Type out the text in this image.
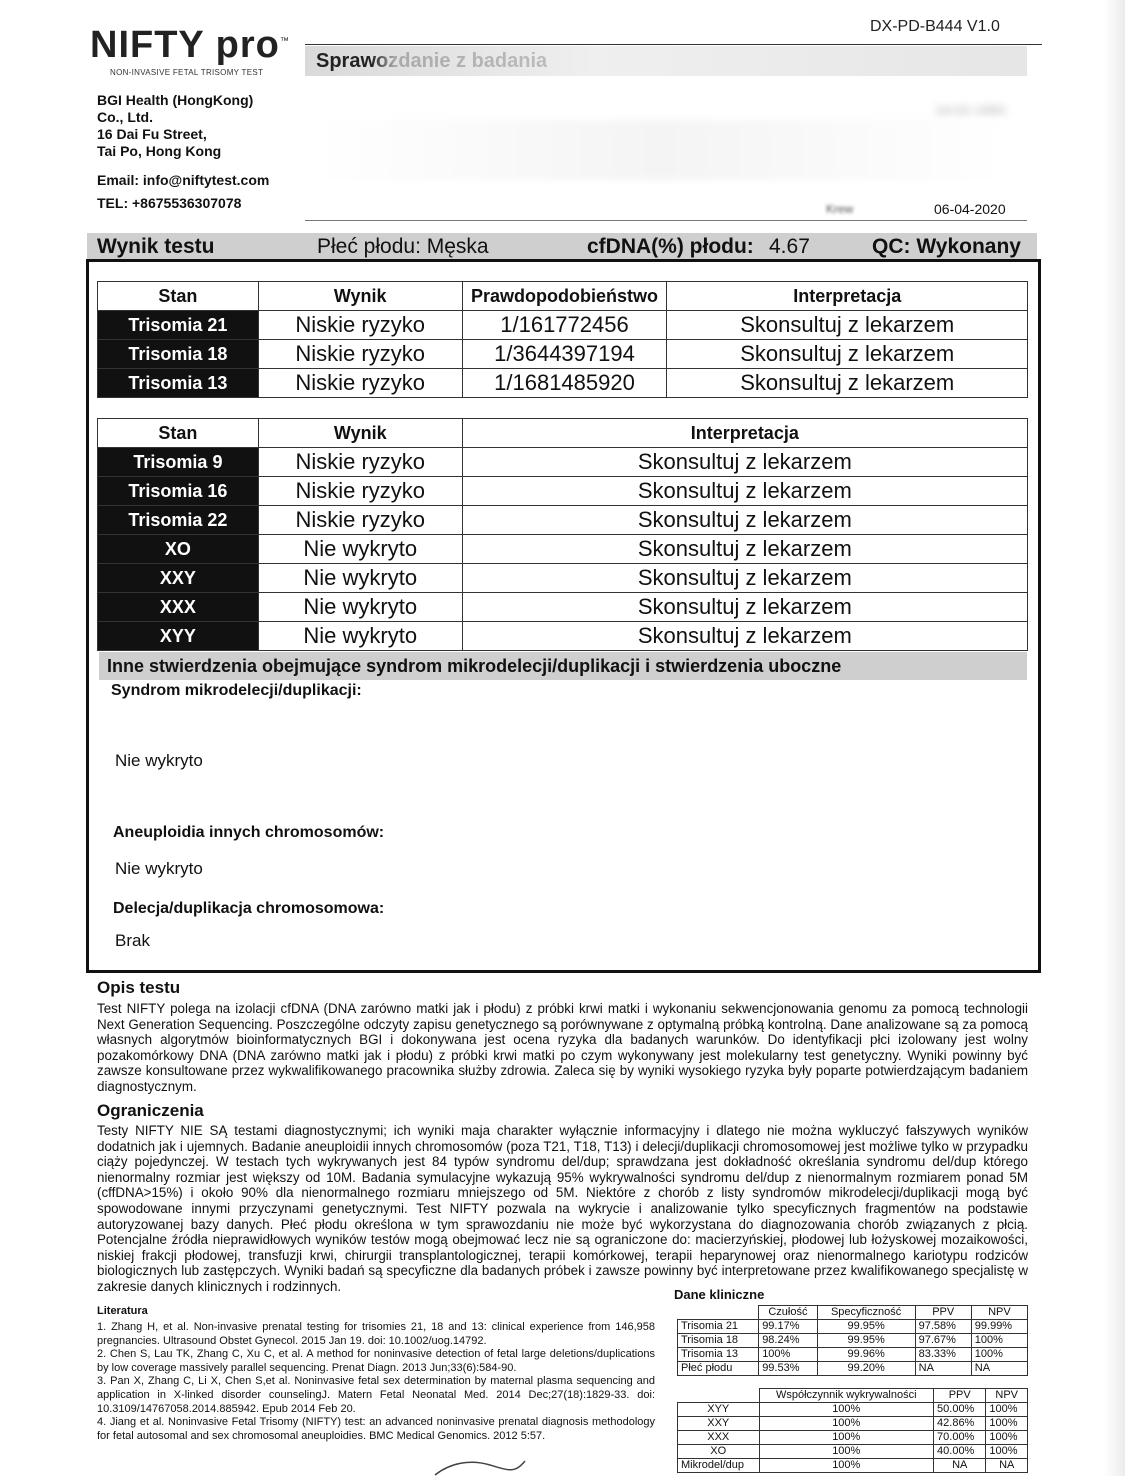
NIFTY pro™
NON-INVASIVE FETAL TRISOMY TEST
DX-PD-B444 V1.0
Sprawozdanie z badania
BGI Health (HongKong)
Co., Ltd.
16 Dai Fu Street,
Tai Po, Hong Kong
Email: info@niftytest.com
TEL: +8675536307078
14-01-1991
Krew	06-04-2020
Wynik testu	Płeć płodu: Męska	cfDNA(%) płodu: 4.67	QC: Wykonany
Stan	Wynik	Prawdopodobieństwo	Interpretacja
Trisomia 21	Niskie ryzyko	1/161772456	Skonsultuj z lekarzem
Trisomia 18	Niskie ryzyko	1/3644397194	Skonsultuj z lekarzem
Trisomia 13	Niskie ryzyko	1/1681485920	Skonsultuj z lekarzem
Stan	Wynik	Interpretacja
Trisomia 9	Niskie ryzyko	Skonsultuj z lekarzem
Trisomia 16	Niskie ryzyko	Skonsultuj z lekarzem
Trisomia 22	Niskie ryzyko	Skonsultuj z lekarzem
XO	Nie wykryto	Skonsultuj z lekarzem
XXY	Nie wykryto	Skonsultuj z lekarzem
XXX	Nie wykryto	Skonsultuj z lekarzem
XYY	Nie wykryto	Skonsultuj z lekarzem
Inne stwierdzenia obejmujące syndrom mikrodelecji/duplikacji i stwierdzenia uboczne
Syndrom mikrodelecji/duplikacji:
Nie wykryto
Aneuploidia innych chromosomów:
Nie wykryto
Delecja/duplikacja chromosomowa:
Brak
Opis testu
Test NIFTY polega na izolacji cfDNA (DNA zarówno matki jak i płodu) z próbki krwi matki i wykonaniu sekwencjonowania genomu za pomocą technologii Next Generation Sequencing. Poszczególne odczyty zapisu genetycznego są porównywane z optymalną próbką kontrolną. Dane analizowane są za pomocą własnych algorytmów bioinformatycznych BGI i dokonywana jest ocena ryzyka dla badanych warunków. Do identyfikacji płci izolowany jest wolny pozakomórkowy DNA (DNA zarówno matki jak i płodu) z próbki krwi matki po czym wykonywany jest molekularny test genetyczny. Wyniki powinny być zawsze konsultowane przez wykwalifikowanego pracownika służby zdrowia. Zaleca się by wyniki wysokiego ryzyka były poparte potwierdzającym badaniem diagnostycznym.
Ograniczenia
Testy NIFTY NIE SĄ testami diagnostycznymi; ich wyniki maja charakter wyłącznie informacyjny i dlatego nie można wykluczyć fałszywych wyników dodatnich jak i ujemnych. Badanie aneuploidii innych chromosomów (poza T21, T18, T13) i delecji/duplikacji chromosomowej jest możliwe tylko w przypadku ciąży pojedynczej. W testach tych wykrywanych jest 84 typów syndromu del/dup; sprawdzana jest dokładność określania syndromu del/dup którego nienormalny rozmiar jest większy od 10M. Badania symulacyjne wykazują 95% wykrywalności syndromu del/dup z nienormalnym rozmiarem ponad 5M (cffDNA>15%) i około 90% dla nienormalnego rozmiaru mniejszego od 5M. Niektóre z chorób z listy syndromów mikrodelecji/duplikacji mogą być spowodowane innymi przyczynami genetycznymi. Test NIFTY pozwala na wykrycie i analizowanie tylko specyficznych fragmentów na podstawie autoryzowanej bazy danych. Płeć płodu określona w tym sprawozdaniu nie może być wykorzystana do diagnozowania chorób związanych z płcią. Potencjalne źródła nieprawidłowych wyników testów mogą obejmować lecz nie są ograniczone do: macierzyńskiej, płodowej lub łożyskowej mozaikowości, niskiej frakcji płodowej, transfuzji krwi, chirurgii transplantologicznej, terapii komórkowej, terapii heparynowej oraz nienormalnego kariotypu rodziców biologicznych lub zastępczych. Wyniki badań są specyficzne dla badanych próbek i zawsze powinny być interpretowane przez kwalifikowanego specjalistę w zakresie danych klinicznych i rodzinnych.
Literatura
1. Zhang H, et al. Non-invasive prenatal testing for trisomies 21, 18 and 13: clinical experience from 146,958 pregnancies. Ultrasound Obstet Gynecol. 2015 Jan 19. doi: 10.1002/uog.14792.
2. Chen S, Lau TK, Zhang C, Xu C, et al. A method for noninvasive detection of fetal large deletions/duplications by low coverage massively parallel sequencing. Prenat Diagn. 2013 Jun;33(6):584-90.
3. Pan X, Zhang C, Li X, Chen S,et al. Noninvasive fetal sex determination by maternal plasma sequencing and application in X-linked disorder counselingJ. Matern Fetal Neonatal Med. 2014 Dec;27(18):1829-33. doi: 10.3109/14767058.2014.885942. Epub 2014 Feb 20.
4. Jiang et al. Noninvasive Fetal Trisomy (NIFTY) test: an advanced noninvasive prenatal diagnosis methodology for fetal autosomal and sex chromosomal aneuploidies. BMC Medical Genomics. 2012 5:57.
Dane kliniczne
	Czułość	Specyficzność	PPV	NPV
Trisomia 21	99.17%	99.95%	97.58%	99.99%
Trisomia 18	98.24%	99.95%	97.67%	100%
Trisomia 13	100%	99.96%	83.33%	100%
Płeć płodu	99.53%	99.20%	NA	NA
	Współczynnik wykrywalności	PPV	NPV
XYY	100%	50.00%	100%
XXY	100%	42.86%	100%
XXX	100%	70.00%	100%
XO	100%	40.00%	100%
Mikrodel/dup	100%	NA	NA
